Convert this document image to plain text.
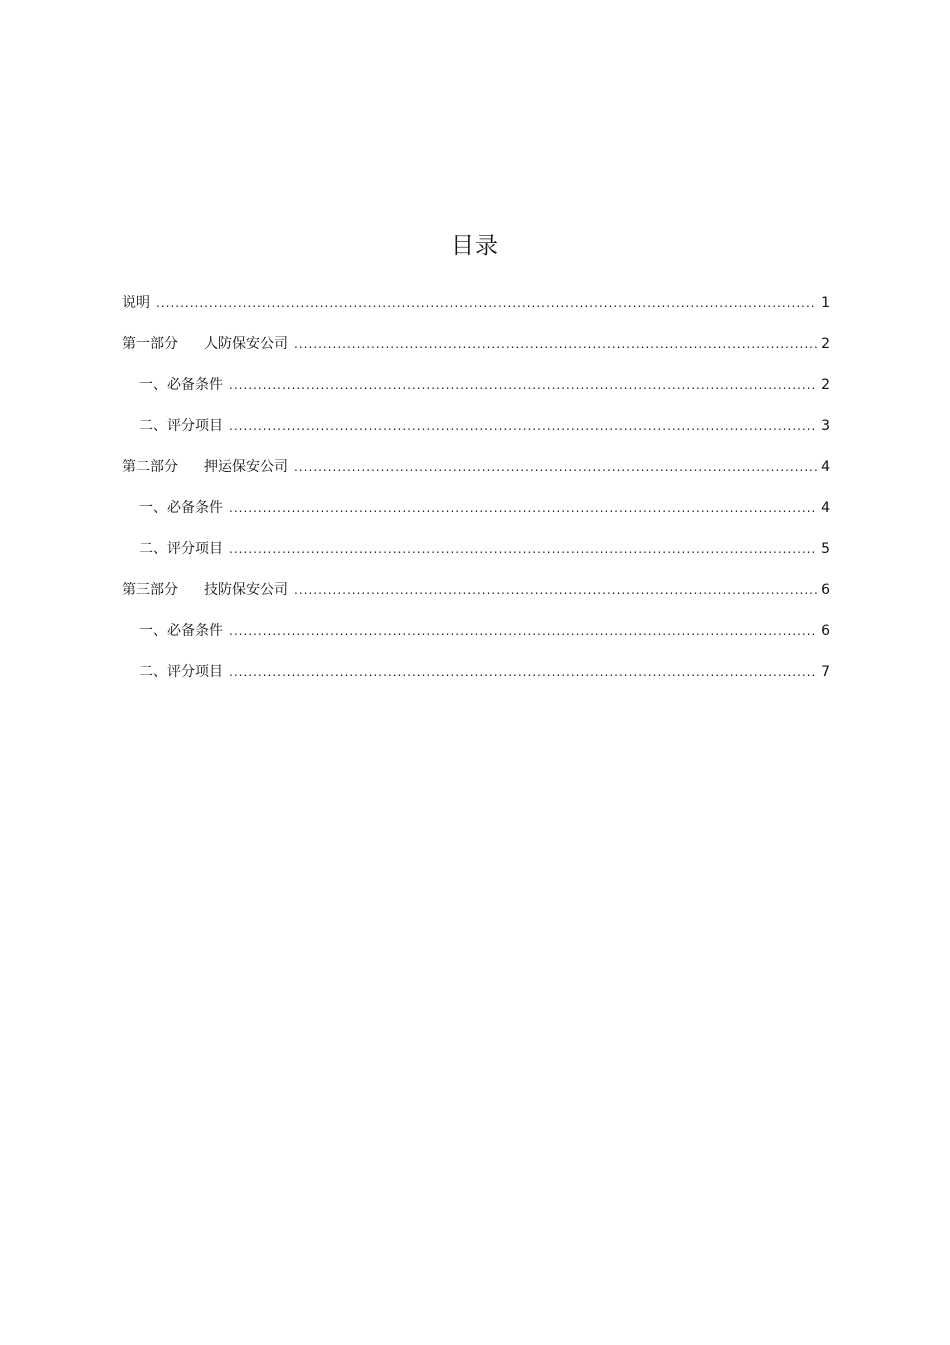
目录
说明 .....	1
第一部分 人防保安公司 .....	2
一、必备条件 .....	2
二、评分项目 .....	3
第二部分 押运保安公司 .....	4
一、必备条件 .....	4
二、评分项目 .....	5
第三部分 技防保安公司 .....	6
一、必备条件 .....	6
二、评分项目 .....	7
